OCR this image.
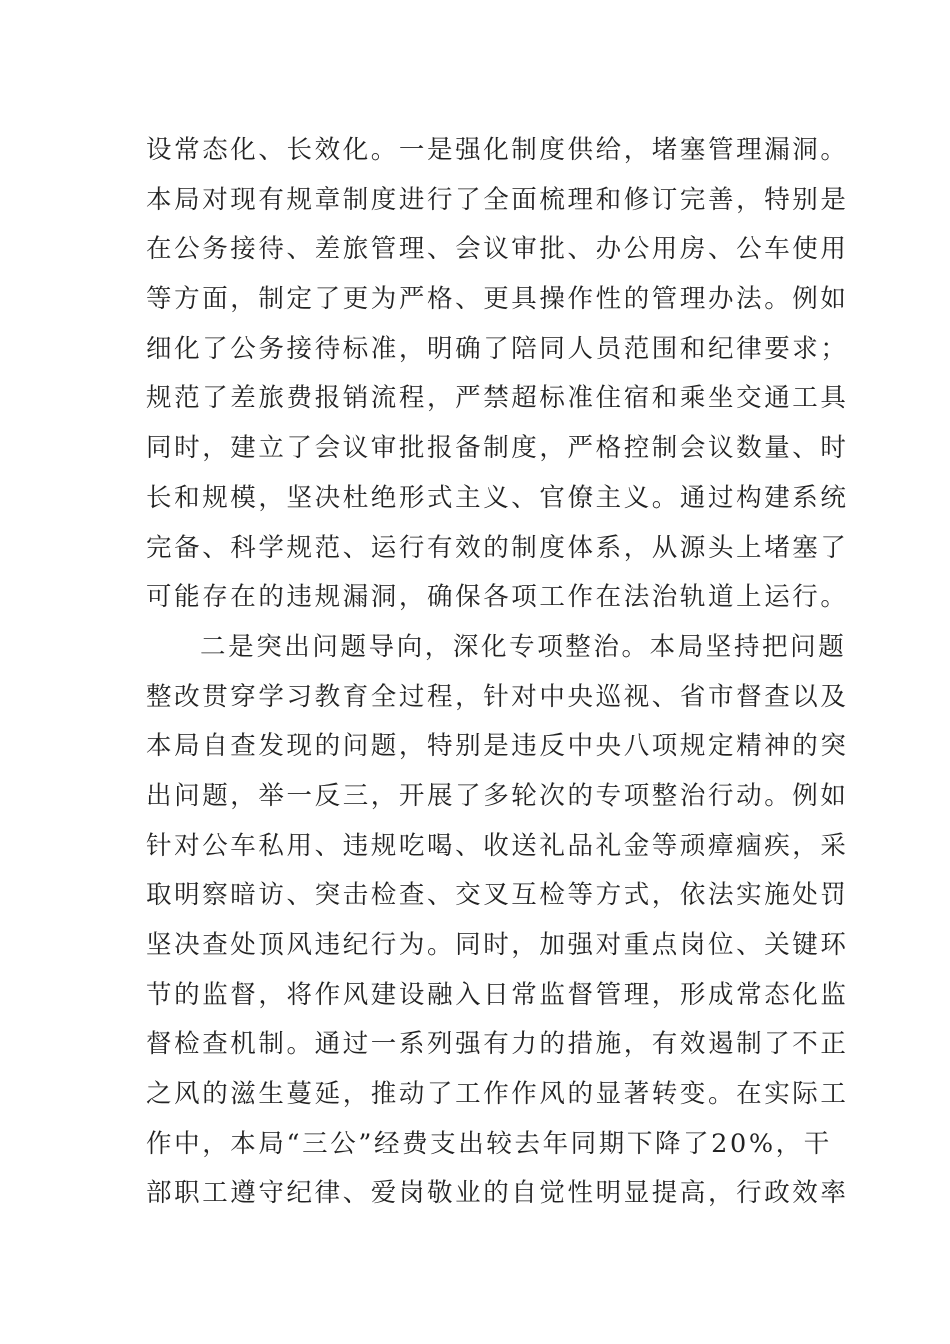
设常态化、长效化。一是强化制度供给，堵塞管理漏洞。
本局对现有规章制度进行了全面梳理和修订完善，特别是
在公务接待、差旅管理、会议审批、办公用房、公车使用
等方面，制定了更为严格、更具操作性的管理办法。例如
细化了公务接待标准，明确了陪同人员范围和纪律要求；
规范了差旅费报销流程，严禁超标准住宿和乘坐交通工具
同时，建立了会议审批报备制度，严格控制会议数量、时
长和规模，坚决杜绝形式主义、官僚主义。通过构建系统
完备、科学规范、运行有效的制度体系，从源头上堵塞了
可能存在的违规漏洞，确保各项工作在法治轨道上运行。
二是突出问题导向，深化专项整治。本局坚持把问题
整改贯穿学习教育全过程，针对中央巡视、省市督查以及
本局自查发现的问题，特别是违反中央八项规定精神的突
出问题，举一反三，开展了多轮次的专项整治行动。例如
针对公车私用、违规吃喝、收送礼品礼金等顽瘴痼疾，采
取明察暗访、突击检查、交叉互检等方式，依法实施处罚
坚决查处顶风违纪行为。同时，加强对重点岗位、关键环
节的监督，将作风建设融入日常监督管理，形成常态化监
督检查机制。通过一系列强有力的措施，有效遏制了不正
之风的滋生蔓延，推动了工作作风的显著转变。在实际工
作中，本局“三公”经费支出较去年同期下降了20%，干
部职工遵守纪律、爱岗敬业的自觉性明显提高，行政效率
